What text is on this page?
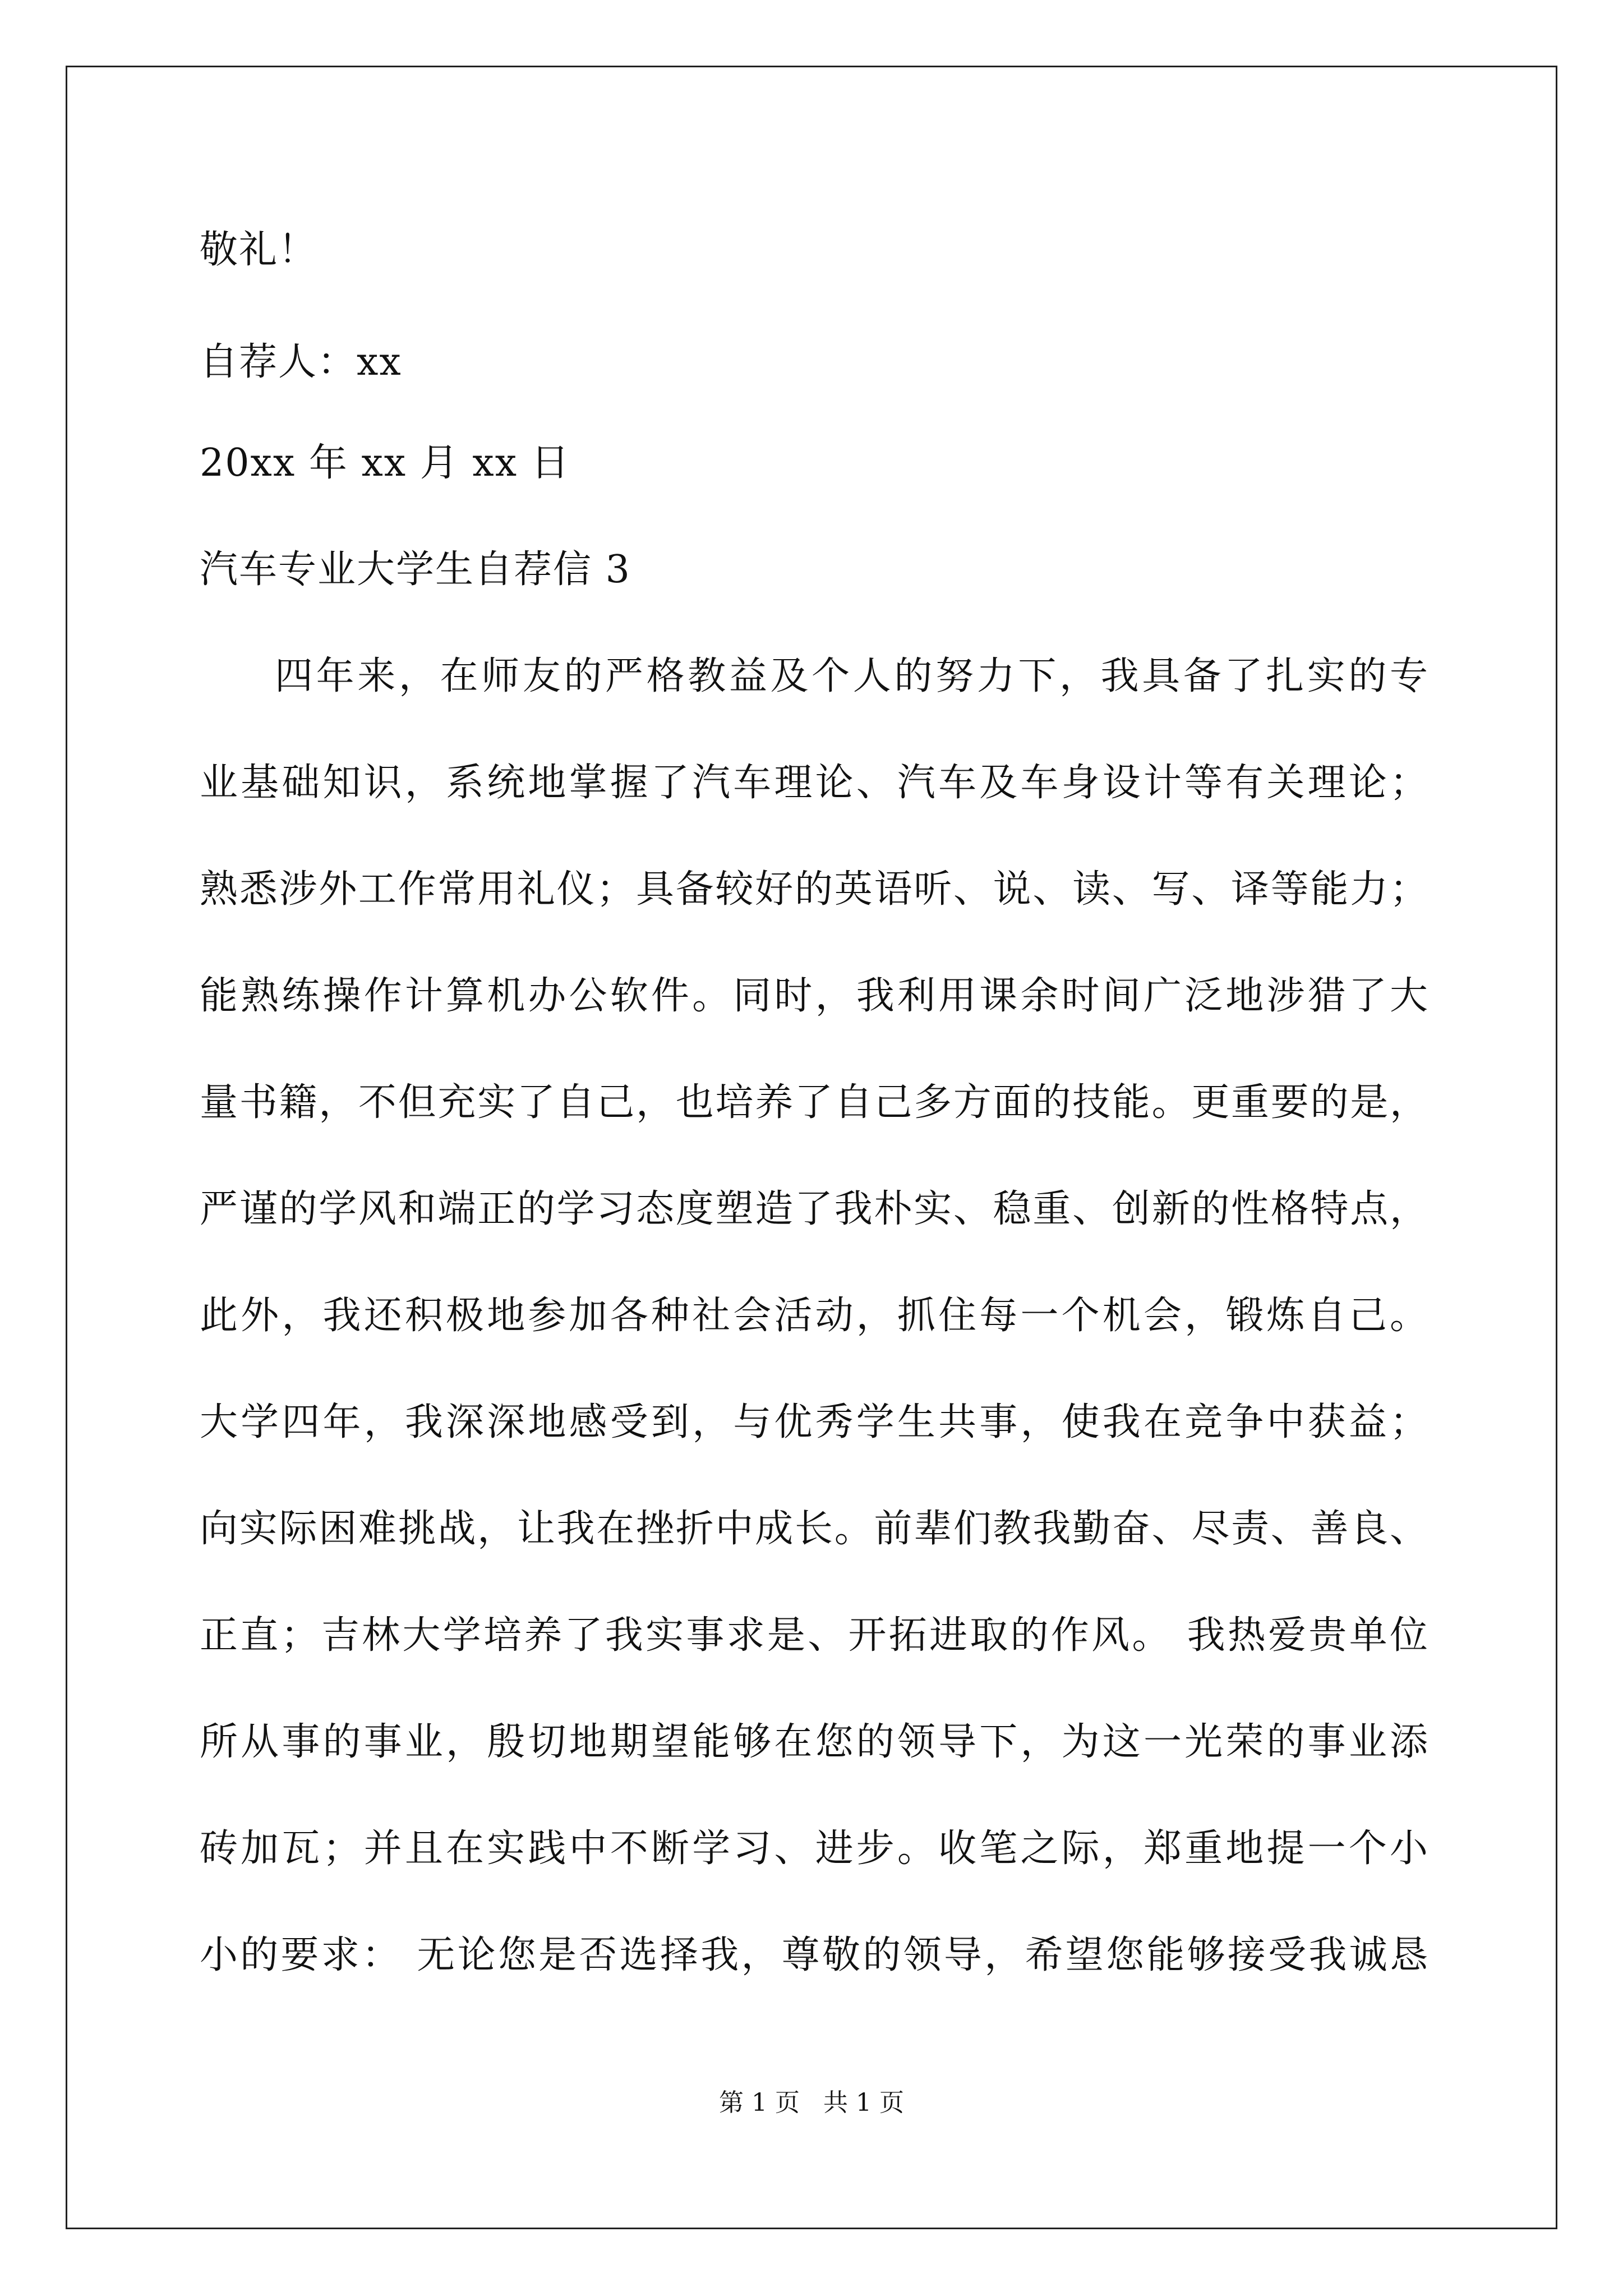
敬礼！
自荐人：xx
20xx 年 xx 月 xx 日
汽车专业大学生自荐信 3
四年来，在师友的严格教益及个人的努力下，我具备了扎实的专
业基础知识，系统地掌握了汽车理论、汽车及车身设计等有关理论；
熟悉涉外工作常用礼仪；具备较好的英语听、说、读、写、译等能力；
能熟练操作计算机办公软件。同时，我利用课余时间广泛地涉猎了大
量书籍，不但充实了自己，也培养了自己多方面的技能。更重要的是，
严谨的学风和端正的学习态度塑造了我朴实、稳重、创新的性格特点，
此外，我还积极地参加各种社会活动，抓住每一个机会，锻炼自己。
大学四年，我深深地感受到，与优秀学生共事，使我在竞争中获益；
向实际困难挑战，让我在挫折中成长。前辈们教我勤奋、尽责、善良、
正直；吉林大学培养了我实事求是、开拓进取的作风。 我热爱贵单位
所从事的事业，殷切地期望能够在您的领导下，为这一光荣的事业添
砖加瓦；并且在实践中不断学习、进步。收笔之际，郑重地提一个小
小的要求： 无论您是否选择我，尊敬的领导，希望您能够接受我诚恳
第 1 页   共 1 页
